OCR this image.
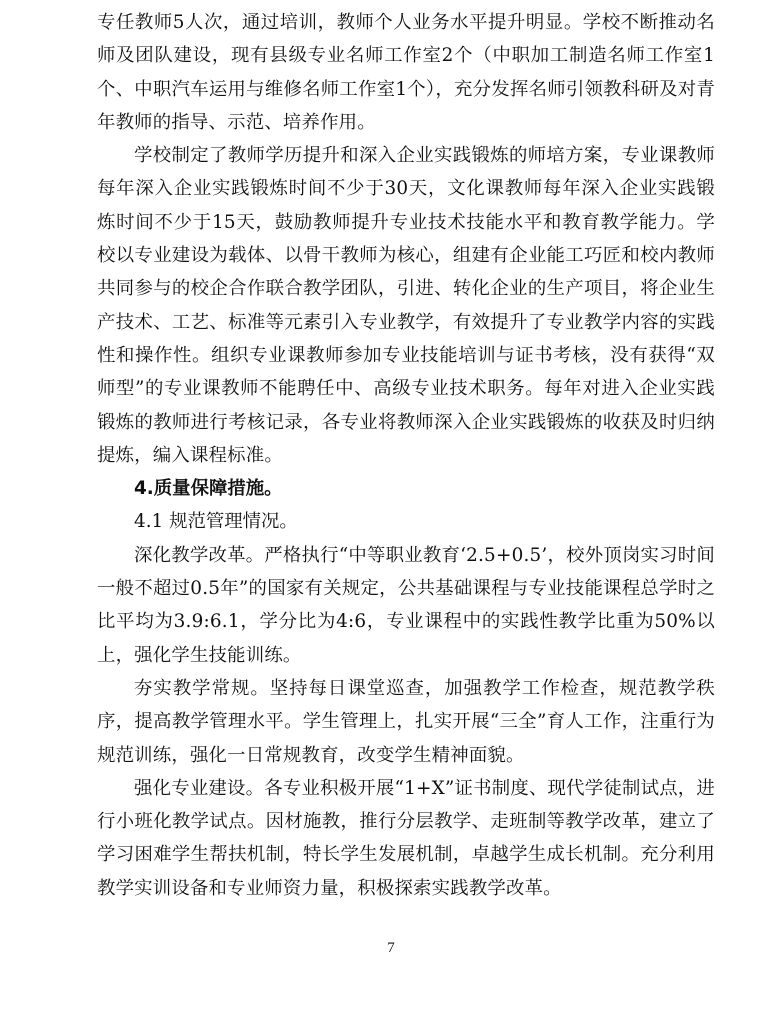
专任教师5人次，通过培训，教师个人业务水平提升明显。学校不断推动名师及团队建设，现有县级专业名师工作室2个（中职加工制造名师工作室1个、中职汽车运用与维修名师工作室1个），充分发挥名师引领教科研及对青年教师的指导、示范、培养作用。

学校制定了教师学历提升和深入企业实践锻炼的师培方案，专业课教师每年深入企业实践锻炼时间不少于30天，文化课教师每年深入企业实践锻炼时间不少于15天，鼓励教师提升专业技术技能水平和教育教学能力。学校以专业建设为载体、以骨干教师为核心，组建有企业能工巧匠和校内教师共同参与的校企合作联合教学团队，引进、转化企业的生产项目，将企业生产技术、工艺、标准等元素引入专业教学，有效提升了专业教学内容的实践性和操作性。组织专业课教师参加专业技能培训与证书考核，没有获得“双师型”的专业课教师不能聘任中、高级专业技术职务。每年对进入企业实践锻炼的教师进行考核记录，各专业将教师深入企业实践锻炼的收获及时归纳提炼，编入课程标准。

4.质量保障措施。

4.1 规范管理情况。

深化教学改革。严格执行“中等职业教育‘2.5+0.5’，校外顶岗实习时间一般不超过0.5年”的国家有关规定，公共基础课程与专业技能课程总学时之比平均为3.9:6.1，学分比为4:6，专业课程中的实践性教学比重为50%以上，强化学生技能训练。

夯实教学常规。坚持每日课堂巡查，加强教学工作检查，规范教学秩序，提高教学管理水平。学生管理上，扎实开展“三全”育人工作，注重行为规范训练，强化一日常规教育，改变学生精神面貌。

强化专业建设。各专业积极开展“1+X”证书制度、现代学徒制试点，进行小班化教学试点。因材施教，推行分层教学、走班制等教学改革，建立了学习困难学生帮扶机制，特长学生发展机制，卓越学生成长机制。充分利用教学实训设备和专业师资力量，积极探索实践教学改革。

7
